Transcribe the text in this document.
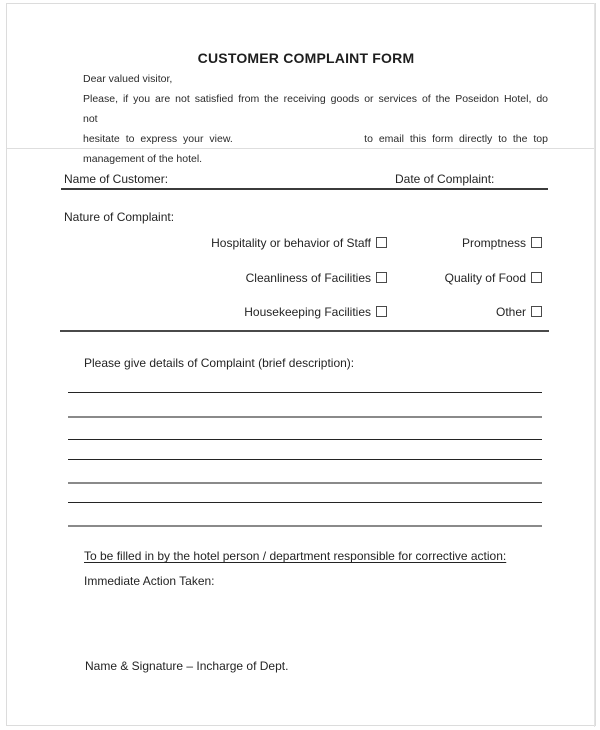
CUSTOMER COMPLAINT FORM
Dear valued visitor,
Please, if you are not satisfied from the receiving goods or services of the Poseidon Hotel, do not
hesitate to express your view.	to email this form directly to the top
management of the hotel.
Name of Customer:	Date of Complaint:
Nature of Complaint:
Hospitality or behavior of Staff	Promptness
Cleanliness of Facilities	Quality of Food
Housekeeping Facilities	Other
Please give details of Complaint (brief description):
To be filled in by the hotel person / department responsible for corrective action:
Immediate Action Taken:
Name & Signature – Incharge of Dept.
